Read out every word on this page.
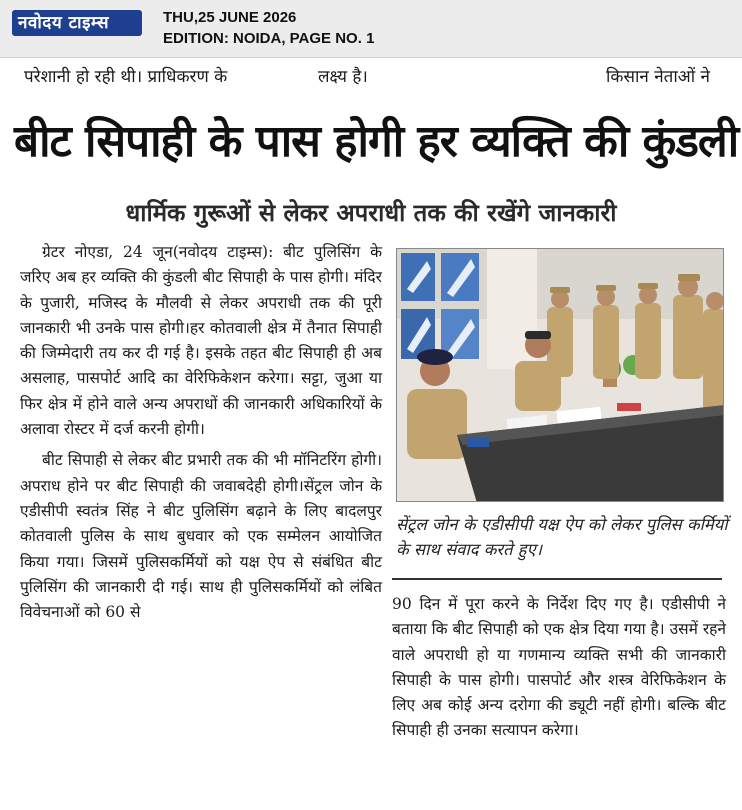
नवोदय टाइम्स	THU,25 JUNE 2026
EDITION: NOIDA, PAGE NO. 1

परेशानी हो रही थी। प्राधिकरण के
	लक्ष्य है।
	किसान नेताओं ने
बीट सिपाही के पास होगी हर व्यक्ति की कुंडली
धार्मिक गुरूओं से लेकर अपराधी तक की रखेंगे जानकारी

ग्रेटर नोएडा, 24 जून(नवोदय टाइम्स): बीट पुलिसिंग के जरिए अब हर व्यक्ति की कुंडली बीट सिपाही के पास होगी। मंदिर के पुजारी, मजिस्द के मौलवी से लेकर अपराधी तक की पूरी जानकारी भी उनके पास होगी।हर कोतवाली क्षेत्र में तैनात सिपाही की जिम्मेदारी तय कर दी गई है। इसके तहत बीट सिपाही ही अब असलाह, पासपोर्ट आदि का वेरिफिकेशन करेगा। सट्टा, जुआ या फिर क्षेत्र में होने वाले अन्य अपराधों की जानकारी अधिकारियों के अलावा रोस्टर में दर्ज करनी होगी।

बीट सिपाही से लेकर बीट प्रभारी तक की भी मॉनिटरिंग होगी। अपराध होने पर बीट सिपाही की जवाबदेही होगी।सेंट्रल जोन के एडीसीपी स्वतंत्र सिंह ने बीट पुलिसिंग बढ़ाने के लिए बादलपुर कोतवाली पुलिस के साथ बुधवार को एक सम्मेलन आयोजित किया गया। जिसमें पुलिसकर्मियों को यक्ष ऐप से संबंधित बीट पुलिसिंग की जानकारी दी गई। साथ ही पुलिसकर्मियों को लंबित विवेचनाओं को 60 से

सेंट्रल जोन के एडीसीपी यक्ष ऐप को लेकर पुलिस कर्मियों के साथ संवाद करते हुए।

90 दिन में पूरा करने के निर्देश दिए गए है। एडीसीपी ने बताया कि बीट सिपाही को एक क्षेत्र दिया गया है। उसमें रहने वाले अपराधी हो या गणमान्य व्यक्ति सभी की जानकारी सिपाही के पास होगी। पासपोर्ट और शस्त्र वेरिफिकेशन के लिए अब कोई अन्य दरोगा की ड्यूटी नहीं होगी। बल्कि बीट सिपाही ही उनका सत्यापन करेगा।
